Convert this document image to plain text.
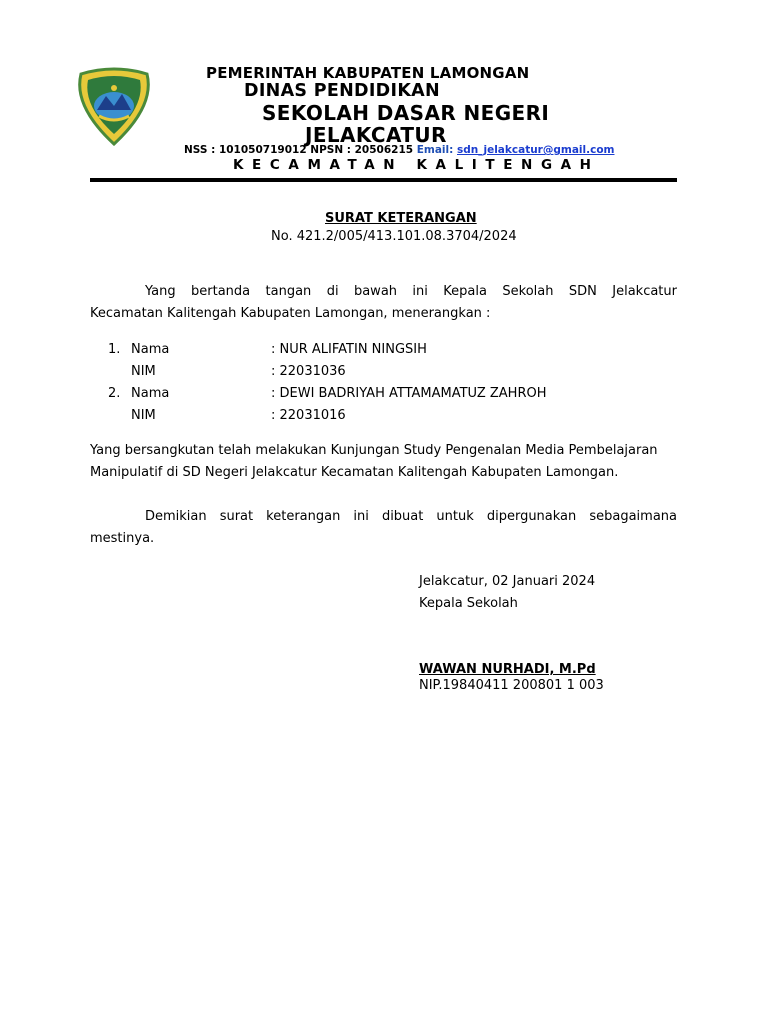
PEMERINTAH KABUPATEN LAMONGAN
DINAS PENDIDIKAN
SEKOLAH DASAR NEGERI
JELAKCATUR
NSS : 101050719012 NPSN : 20506215 Email: sdn_jelakcatur@gmail.com
KECAMATAN KALITENGAH
SURAT KETERANGAN
No. 421.2/005/413.101.08.3704/2024
Yang bertanda tangan di bawah ini Kepala Sekolah SDN Jelakcatur
Kecamatan Kalitengah Kabupaten Lamongan, menerangkan :
1. Nama	: NUR ALIFATIN NINGSIH
NIM	: 22031036
2. Nama	: DEWI BADRIYAH ATTAMAMATUZ ZAHROH
NIM	: 22031016
Yang bersangkutan telah melakukan Kunjungan Study Pengenalan Media Pembelajaran
Manipulatif di SD Negeri Jelakcatur Kecamatan Kalitengah Kabupaten Lamongan.
Demikian surat keterangan ini dibuat untuk dipergunakan sebagaimana
mestinya.
Jelakcatur, 02 Januari 2024
Kepala Sekolah
WAWAN NURHADI, M.Pd
NIP.19840411 200801 1 003
